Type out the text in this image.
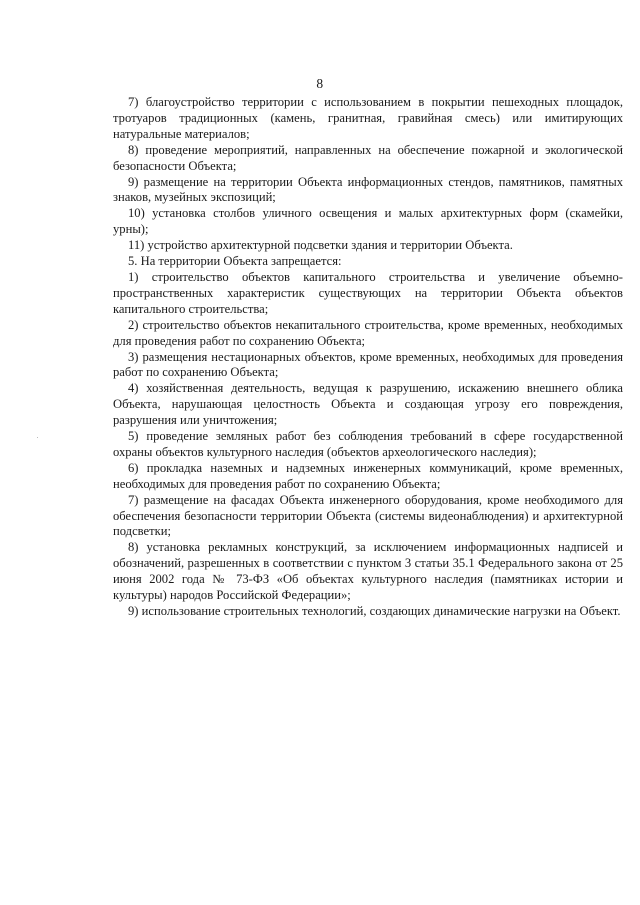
8

7) благоустройство территории с использованием в покрытии пешеходных площадок, тротуаров традиционных (камень, гранитная, гравийная смесь) или имитирующих натуральные материалов;

8) проведение мероприятий, направленных на обеспечение пожарной и экологической безопасности Объекта;

9) размещение на территории Объекта информационных стендов, памятников, памятных знаков, музейных экспозиций;

10) установка столбов уличного освещения и малых архитектурных форм (скамейки, урны);

11) устройство архитектурной подсветки здания и территории Объекта.

5. На территории Объекта запрещается:

1) строительство объектов капитального строительства и увеличение объемно-пространственных характеристик существующих на территории Объекта объектов капитального строительства;

2) строительство объектов некапитального строительства, кроме временных, необходимых для проведения работ по сохранению Объекта;

3) размещения нестационарных объектов, кроме временных, необходимых для проведения работ по сохранению Объекта;

4) хозяйственная деятельность, ведущая к разрушению, искажению внешнего облика Объекта, нарушающая целостность Объекта и создающая угрозу его повреждения, разрушения или уничтожения;

5) проведение земляных работ без соблюдения требований в сфере государственной охраны объектов культурного наследия (объектов археологического наследия);

6) прокладка наземных и надземных инженерных коммуникаций, кроме временных, необходимых для проведения работ по сохранению Объекта;

7) размещение на фасадах Объекта инженерного оборудования, кроме необходимого для обеспечения безопасности территории Объекта (системы видеонаблюдения) и архитектурной подсветки;

8) установка рекламных конструкций, за исключением информационных надписей и обозначений, разрешенных в соответствии с пунктом 3 статьи 35.1 Федерального закона от 25 июня 2002 года № 73-ФЗ «Об объектах культурного наследия (памятниках истории и культуры) народов Российской Федерации»;

9) использование строительных технологий, создающих динамические нагрузки на Объект.
